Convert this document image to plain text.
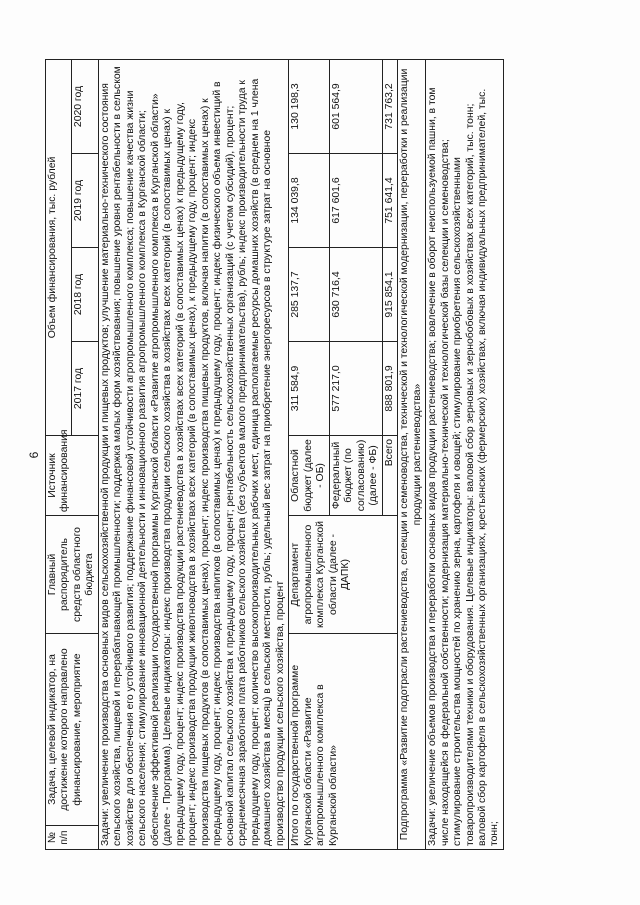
6
№ п/п	Задача, целевой индикатор, на достижение которого направлено финансирование, мероприятие	Главный распорядитель средств областного бюджета	Источник финансирования	Объем финансирования, тыс. рублей			
				2017 год	2018 год	2019 год	2020 год
Задачи: увеличение производства основных видов сельскохозяйственной продукции и пищевых продуктов; улучшение материально-технического состояния сельского хозяйства, пищевой и перерабатывающей промышленности; поддержка малых форм хозяйствования; повышение уровня рентабельности в сельском хозяйстве для обеспечения его устойчивого развития; поддержание финансовой устойчивости агропромышленного комплекса; повышение качества жизни сельского населения; стимулирование инновационной деятельности и инновационного развития агропромышленного комплекса в Курганской области; обеспечение эффективной реализации государственной программы Курганской области «Развитие агропромышленного комплекса в Курганской области» (далее - Программа). Целевые индикаторы: индекс производства продукции сельского хозяйства в хозяйствах всех категорий (в сопоставимых ценах) к предыдущему году, процент; индекс производства продукции растениеводства в хозяйствах всех категорий (в сопоставимых ценах) к предыдущему году, процент; индекс производства продукции животноводства в хозяйствах всех категорий (в сопоставимых ценах), к предыдущему году, процент; индекс производства пищевых продуктов (в сопоставимых ценах), процент; индекс производства пищевых продуктов, включая напитки (в сопоставимых ценах) к предыдущему году, процент; индекс производства напитков (в сопоставимых ценах) к предыдущему году, процент; индекс физического объема инвестиций в основной капитал сельского хозяйства к предыдущему году, процент; рентабельность сельскохозяйственных организаций (с учетом субсидий), процент; среднемесячная заработная плата работников сельского хозяйства (без субъектов малого предпринимательства), рубль; индекс производительности труда к предыдущему году, процент; количество высокопроизводительных рабочих мест, единица располагаемые ресурсы домашних хозяйств (в среднем на 1 члена домашнего хозяйства в месяц) в сельской местности, рубль; удельный вес затрат на приобретение энергоресурсов в структуре затрат на основное производство продукции сельского хозяйства, процент							
Итого по государственной программе Курганской области «Развитие агропромышленного комплекса в Курганской области»		Департамент агропромышленного комплекса Курганской области (далее - ДАПК)	Областной бюджет (далее - ОБ)	311 584,9	285 137,7	134 039,8	130 198,3
			Федеральный бюджет (по согласованию) (далее - ФБ)	577 217,0	630 716,4	617 601,6	601 564,9
			Всего	888 801,9	915 854,1	751 641,4	731 763,2
Подпрограмма «Развитие подотрасли растениеводства, селекции и семеноводства, технической и технологической модернизации, переработки и реализации продукции растениеводства»							
Задачи: увеличение объемов производства и переработки основных видов продукции растениеводства; вовлечение в оборот неиспользуемой пашни, в том числе находящейся в федеральной собственности; модернизация материально-технической и технологической базы селекции и семеноводства; стимулирование строительства мощностей по хранению зерна, картофеля и овощей; стимулирование приобретения сельскохозяйственными товаропроизводителями техники и оборудования. Целевые индикаторы: валовой сбор зерновых и зернобобовых в хозяйствах всех категорий, тыс. тонн; валовой сбор картофеля в сельскохозяйственных организациях, крестьянских (фермерских) хозяйствах, включая индивидуальных предпринимателей, тыс. тонн;							
